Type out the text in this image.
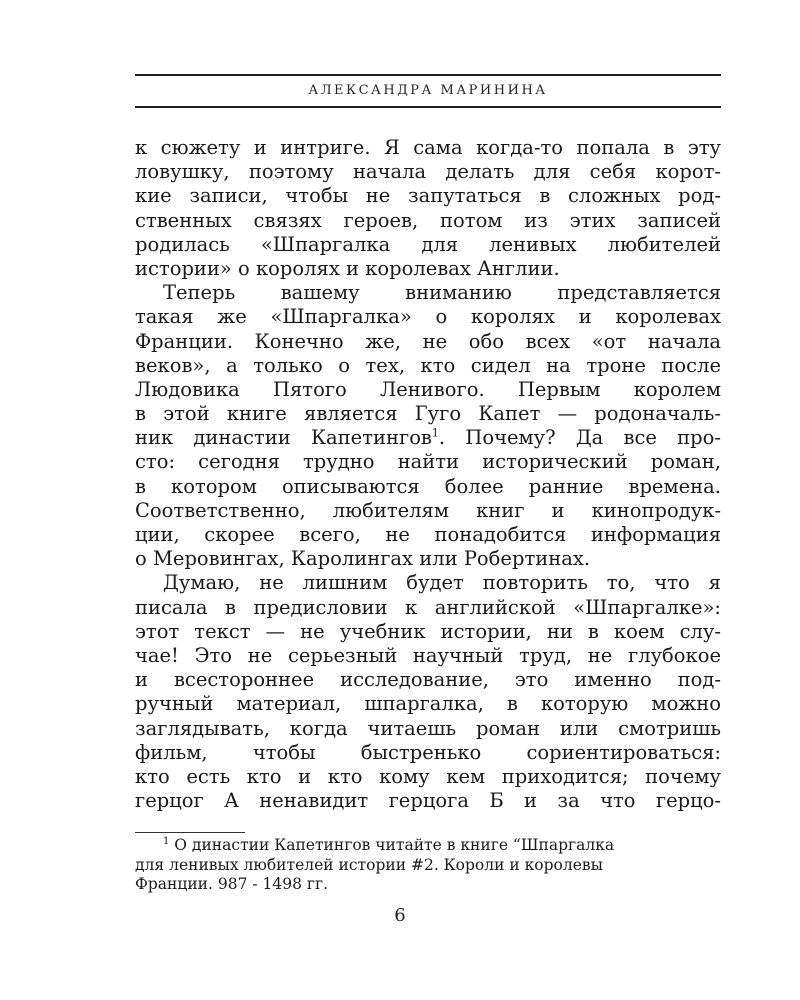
АЛЕКСАНДРА МАРИНИНА
к сюжету и интриге. Я сама когда-то попала в эту
ловушку, поэтому начала делать для себя корот-
кие записи, чтобы не запутаться в сложных род-
ственных связях героев, потом из этих записей
родилась «Шпаргалка для ленивых любителей
истории» о королях и королевах Англии.
Теперь вашему вниманию представляется
такая же «Шпаргалка» о королях и королевах
Франции. Конечно же, не обо всех «от начала
веков», а только о тех, кто сидел на троне после
Людовика Пятого Ленивого. Первым королем
в этой книге является Гуго Капет — родоначаль-
ник династии Капетингов$^1$. Почему? Да все про-
сто: сегодня трудно найти исторический роман,
в котором описываются более ранние времена.
Соответственно, любителям книг и кинопродук-
ции, скорее всего, не понадобится информация
о Меровингах, Каролингах или Робертинах.
Думаю, не лишним будет повторить то, что я
писала в предисловии к английской «Шпаргалке»:
этот текст — не учебник истории, ни в коем слу-
чае! Это не серьезный научный труд, не глубокое
и всестороннее исследование, это именно под-
ручный материал, шпаргалка, в которую можно
заглядывать, когда читаешь роман или смотришь
фильм, чтобы быстренько сориентироваться:
кто есть кто и кто кому кем приходится; почему
герцог А ненавидит герцога Б и за что герцо-
$^1$ О династии Капетингов читайте в книге “Шпаргалка
для ленивых любителей истории #2. Короли и королевы
Франции. 987 - 1498 гг.
6
